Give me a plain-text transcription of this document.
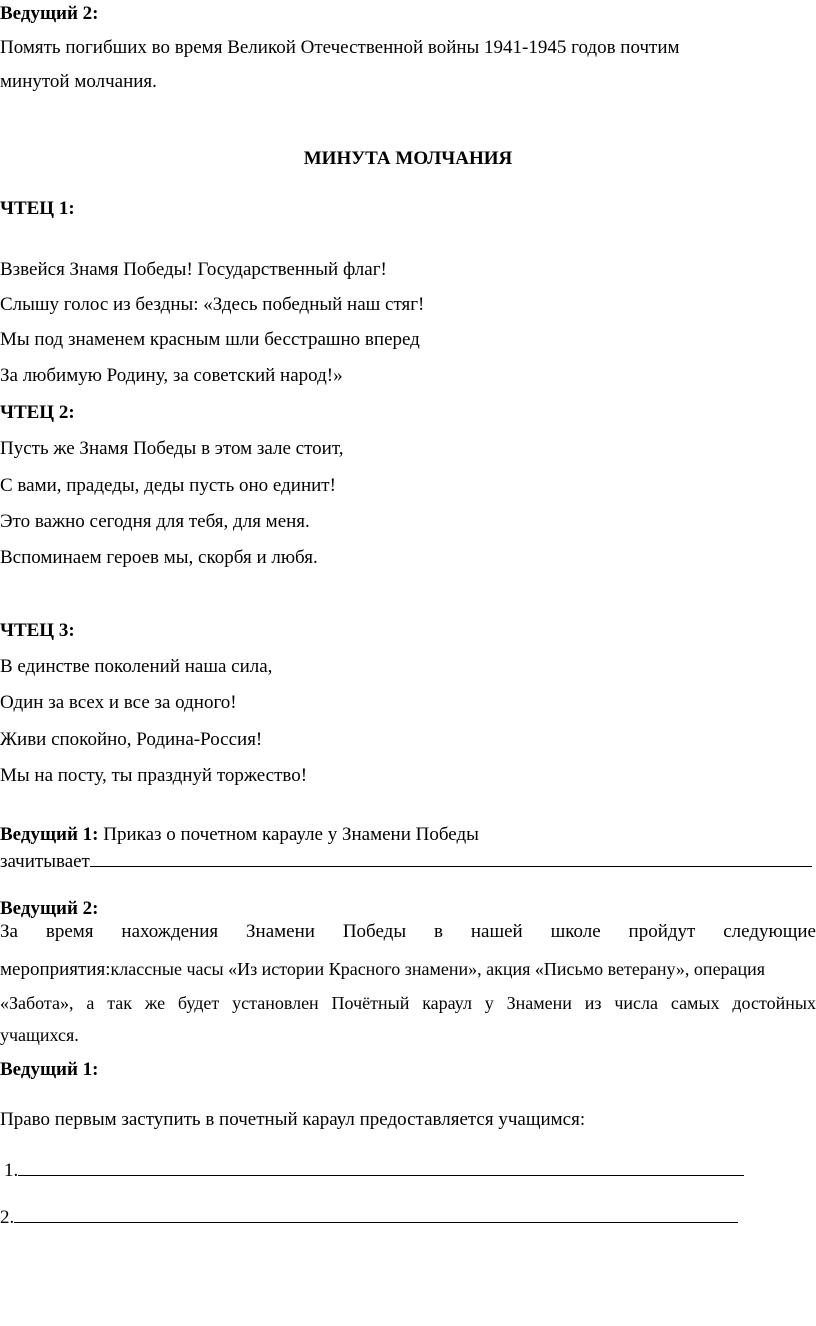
Ведущий 2:
Помять погибших во время Великой Отечественной войны 1941-1945 годов почтим
минутой молчания.
МИНУТА МОЛЧАНИЯ
ЧТЕЦ 1:
Взвейся Знамя Победы! Государственный флаг!
Слышу голос из бездны: «Здесь победный наш стяг!
Мы под знаменем красным шли бесстрашно вперед
За любимую Родину, за советский народ!»
ЧТЕЦ 2:
Пусть же Знамя Победы в этом зале стоит,
С вами, прадеды, деды пусть оно единит!
Это важно сегодня для тебя, для меня.
Вспоминаем героев мы, скорбя и любя.
ЧТЕЦ 3:
В единстве поколений наша сила,
Один за всех и все за одного!
Живи спокойно, Родина-Россия!
Мы на посту, ты празднуй торжество!
Ведущий 1: Приказ о почетном карауле у Знамени Победы
зачитывает
Ведущий 2:
За время нахождения Знамени Победы в нашей школе пройдут следующие
мероприятия:классные часы «Из истории Красного знамени», акция «Письмо ветерану», операция
«Забота», а так же будет установлен Почётный караул у Знамени из числа самых достойных
учащихся.
Ведущий 1:
Право первым заступить в почетный караул предоставляется учащимся:
1.
2.
